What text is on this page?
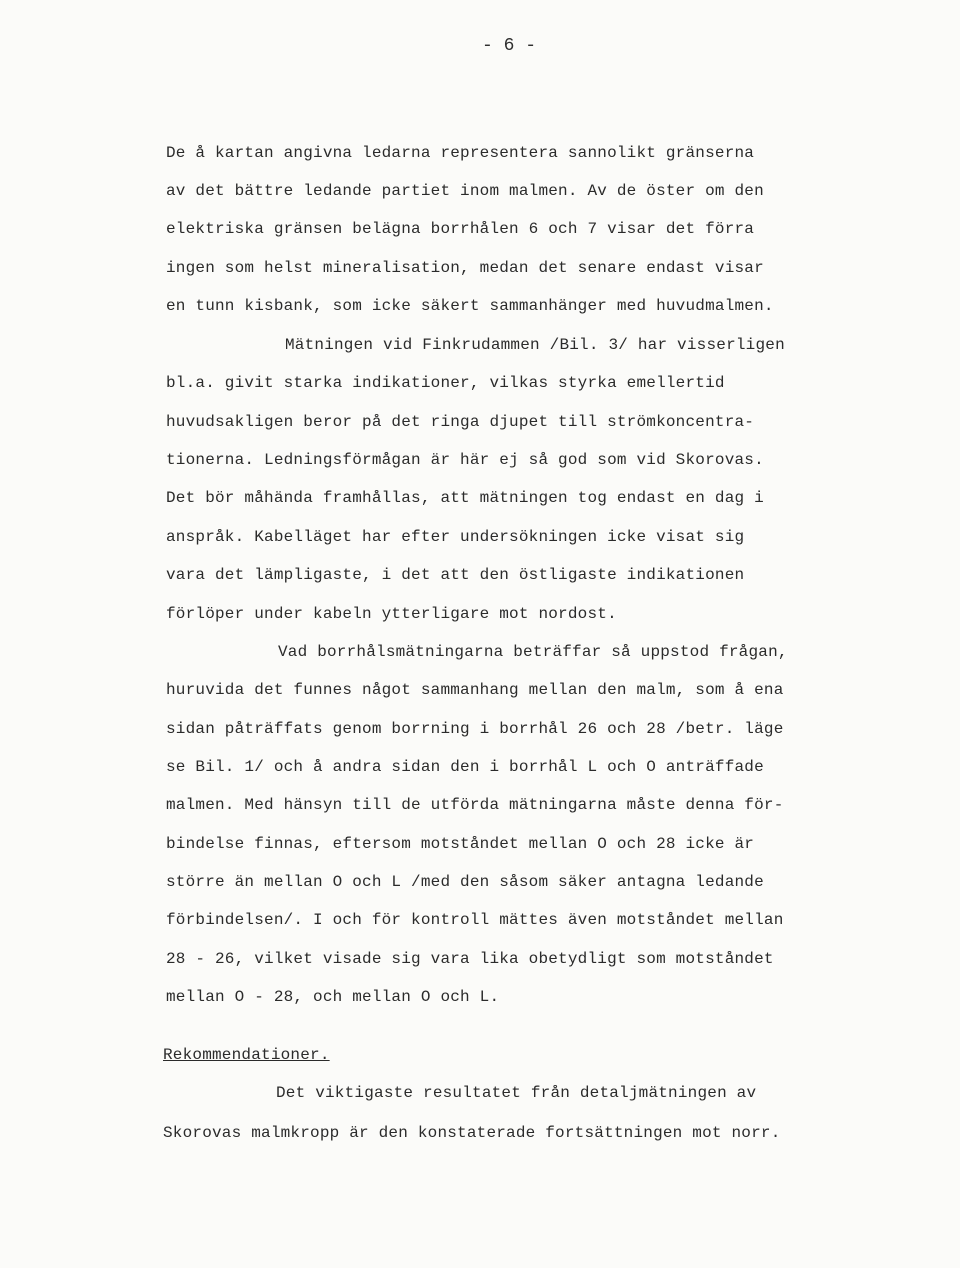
- 6 -
De å kartan angivna ledarna representera sannolikt gränserna
av det bättre ledande partiet inom malmen. Av de öster om den
elektriska gränsen belägna borrhålen 6 och 7 visar det förra
ingen som helst mineralisation, medan det senare endast visar
en tunn kisbank, som icke säkert sammanhänger med huvudmalmen.
Mätningen vid Finkrudammen /Bil. 3/ har visserligen
bl.a. givit starka indikationer, vilkas styrka emellertid
huvudsakligen beror på det ringa djupet till strömkoncentra-
tionerna. Ledningsförmågan är här ej så god som vid Skorovas.
Det bör måhända framhållas, att mätningen tog endast en dag i
anspråk. Kabelläget har efter undersökningen icke visat sig
vara det lämpligaste, i det att den östligaste indikationen
förlöper under kabeln ytterligare mot nordost.
Vad borrhålsmätningarna beträffar så uppstod frågan,
huruvida det funnes något sammanhang mellan den malm, som å ena
sidan påträffats genom borrning i borrhål 26 och 28 /betr. läge
se Bil. 1/ och å andra sidan den i borrhål L och O anträffade
malmen. Med hänsyn till de utförda mätningarna måste denna för-
bindelse finnas, eftersom motståndet mellan O och 28 icke är
större än mellan O och L /med den såsom säker antagna ledande
förbindelsen/. I och för kontroll mättes även motståndet mellan
28 - 26, vilket visade sig vara lika obetydligt som motståndet
mellan O - 28, och mellan O och L.
Rekommendationer.
Det viktigaste resultatet från detaljmätningen av
Skorovas malmkropp är den konstaterade fortsättningen mot norr.
